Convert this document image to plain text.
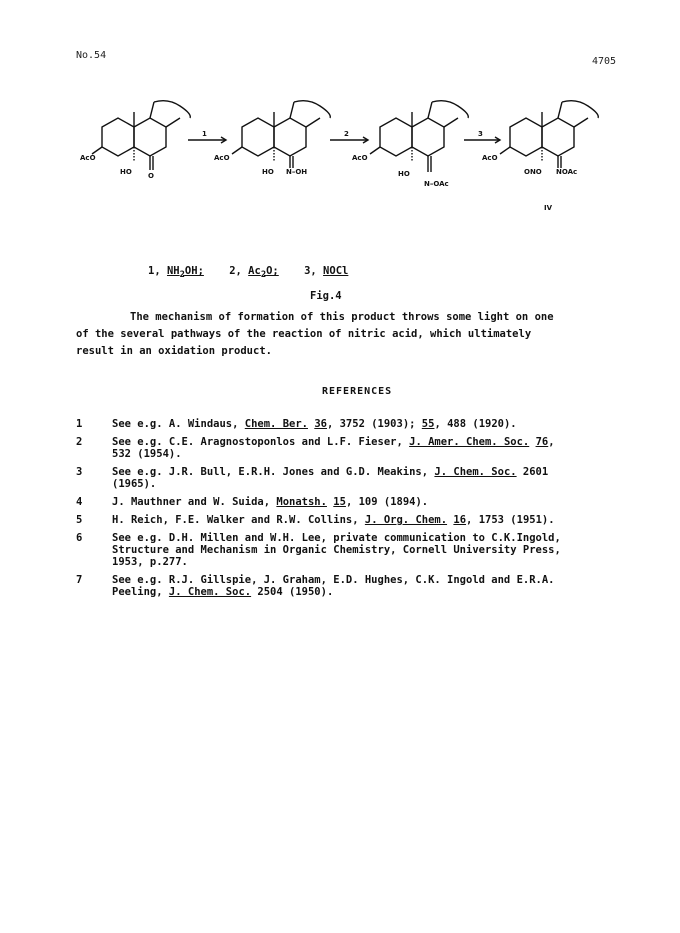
No.54
4705
1	2	3
AcO
HO O
AcO
HO N–OH
AcO
HO
N–OAc
AcO
ONO NOAc
IV
1, $NH_2OH$; 2, $Ac_2O$; 3, NOCl
Fig.4
The mechanism of formation of this product throws some light on one
of the several pathways of the reaction of nitric acid, which ultimately
result in an oxidation product.
REFERENCES
1	See e.g. A. Windaus, Chem. Ber. 36, 3752 (1903); 55, 488 (1920).
2	See e.g. C.E. Aragnostoponlos and L.F. Fieser, J. Amer. Chem. Soc. 76,
532 (1954).
3	See e.g. J.R. Bull, E.R.H. Jones and G.D. Meakins, J. Chem. Soc. 2601
(1965).
4	J. Mauthner and W. Suida, Monatsh. 15, 109 (1894).
5	H. Reich, F.E. Walker and R.W. Collins, J. Org. Chem. 16, 1753 (1951).
6	See e.g. D.H. Millen and W.H. Lee, private communication to C.K.Ingold,
Structure and Mechanism in Organic Chemistry, Cornell University Press,
1953, p.277.
7	See e.g. R.J. Gillspie, J. Graham, E.D. Hughes, C.K. Ingold and E.R.A.
Peeling, J. Chem. Soc. 2504 (1950).
